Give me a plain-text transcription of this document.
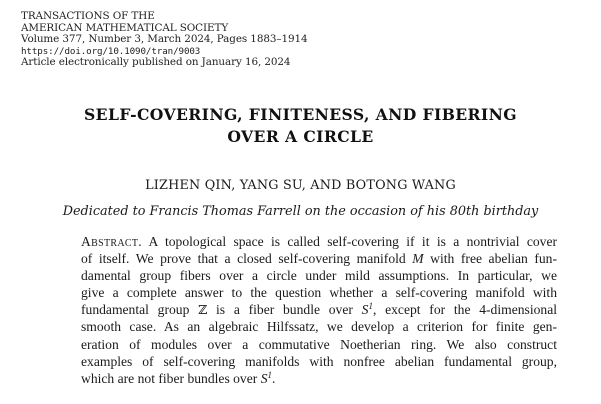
TRANSACTIONS OF THE
AMERICAN MATHEMATICAL SOCIETY
Volume 377, Number 3, March 2024, Pages 1883–1914
https://doi.org/10.1090/tran/9003
Article electronically published on January 16, 2024
SELF-COVERING, FINITENESS, AND FIBERING
OVER A CIRCLE
LIZHEN QIN, YANG SU, AND BOTONG WANG
Dedicated to Francis Thomas Farrell on the occasion of his 80th birthday
Abstract. A topological space is called self-covering if it is a nontrivial cover
of itself. We prove that a closed self-covering manifold M with free abelian fun-
damental group fibers over a circle under mild assumptions. In particular, we
give a complete answer to the question whether a self-covering manifold with
fundamental group ℤ is a fiber bundle over $S^1$, except for the 4-dimensional
smooth case. As an algebraic Hilfssatz, we develop a criterion for finite gen-
eration of modules over a commutative Noetherian ring. We also construct
examples of self-covering manifolds with nonfree abelian fundamental group,
which are not fiber bundles over $S^1$.
